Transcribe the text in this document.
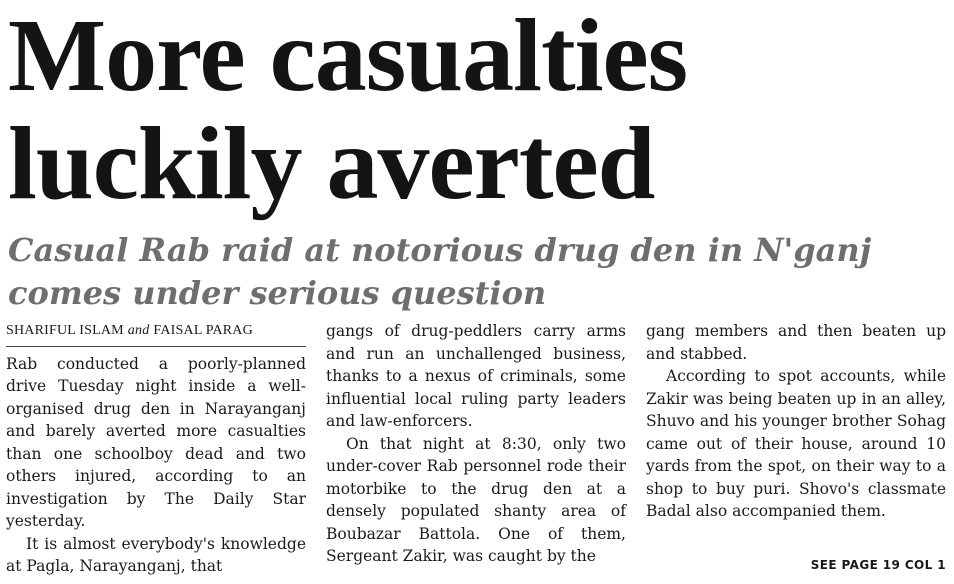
More casualties
luckily averted
Casual Rab raid at notorious drug den in N'ganj
comes under serious question
SHARIFUL ISLAM and FAISAL PARAG

Rab conducted a poorly-planned drive Tuesday night inside a well-organised drug den in Narayanganj and barely averted more casualties than one schoolboy dead and two others injured, according to an investigation by The Daily Star yesterday.

It is almost everybody's knowledge at Pagla, Narayanganj, that

gangs of drug-peddlers carry arms and run an unchallenged business, thanks to a nexus of criminals, some influential local ruling party leaders and law-enforcers.

On that night at 8:30, only two under-cover Rab personnel rode their motorbike to the drug den at a densely populated shanty area of Boubazar Battola. One of them, Sergeant Zakir, was caught by the

gang members and then beaten up and stabbed.

According to spot accounts, while Zakir was being beaten up in an alley, Shuvo and his younger brother Sohag came out of their house, around 10 yards from the spot, on their way to a shop to buy puri. Shovo's classmate Badal also accompanied them.

SEE PAGE 19 COL 1
